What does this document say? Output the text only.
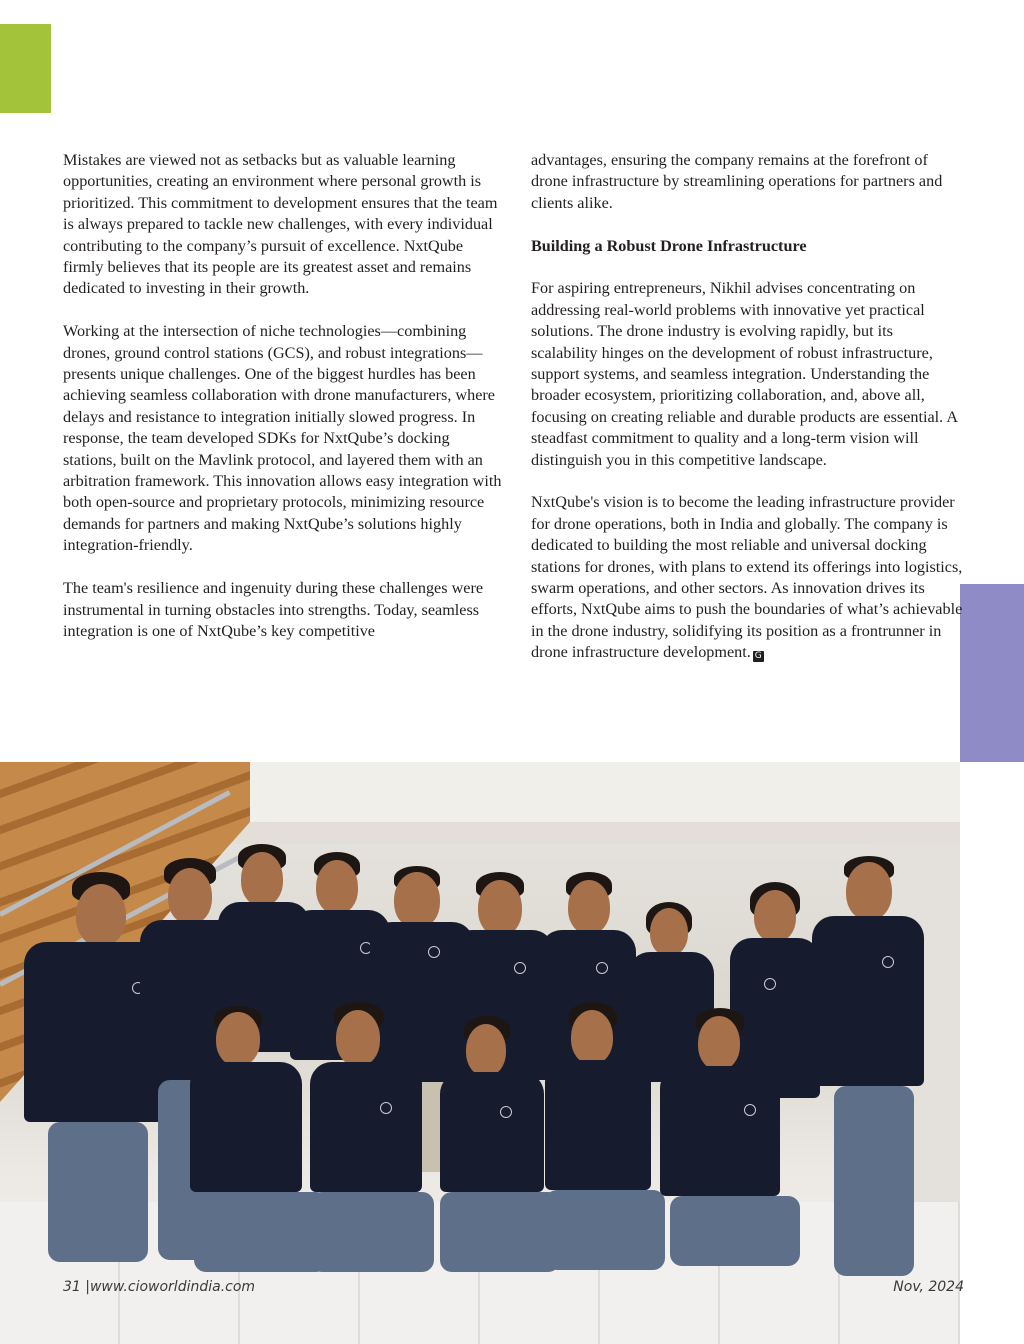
Mistakes are viewed not as setbacks but as valuable learning opportunities, creating an environment where personal growth is prioritized. This commitment to development ensures that the team is always prepared to tackle new challenges, with every individual contributing to the company’s pursuit of excellence. NxtQube firmly believes that its people are its greatest asset and remains dedicated to investing in their growth.

Working at the intersection of niche technologies—combining drones, ground control stations (GCS), and robust integrations—presents unique challenges. One of the biggest hurdles has been achieving seamless collaboration with drone manufacturers, where delays and resistance to integration initially slowed progress. In response, the team developed SDKs for NxtQube’s docking stations, built on the Mavlink protocol, and layered them with an arbitration framework. This innovation allows easy integration with both open-source and proprietary protocols, minimizing resource demands for partners and making NxtQube’s solutions highly integration-friendly.

The team's resilience and ingenuity during these challenges were instrumental in turning obstacles into strengths. Today, seamless integration is one of NxtQube’s key competitive

advantages, ensuring the company remains at the forefront of drone infrastructure by streamlining operations for partners and clients alike.

Building a Robust Drone Infrastructure

For aspiring entrepreneurs, Nikhil advises concentrating on addressing real-world problems with innovative yet practical solutions. The drone industry is evolving rapidly, but its scalability hinges on the development of robust infrastructure, support systems, and seamless integration. Understanding the broader ecosystem, prioritizing collaboration, and, above all, focusing on creating reliable and durable products are essential. A steadfast commitment to quality and a long-term vision will distinguish you in this competitive landscape.

NxtQube's vision is to become the leading infrastructure provider for drone operations, both in India and globally. The company is dedicated to building the most reliable and universal docking stations for drones, with plans to extend its offerings into logistics, swarm operations, and other sectors. As innovation drives its efforts, NxtQube aims to push the boundaries of what’s achievable in the drone industry, solidifying its position as a frontrunner in drone infrastructure development. G

31 |www.cioworldindia.com	Nov, 2024
